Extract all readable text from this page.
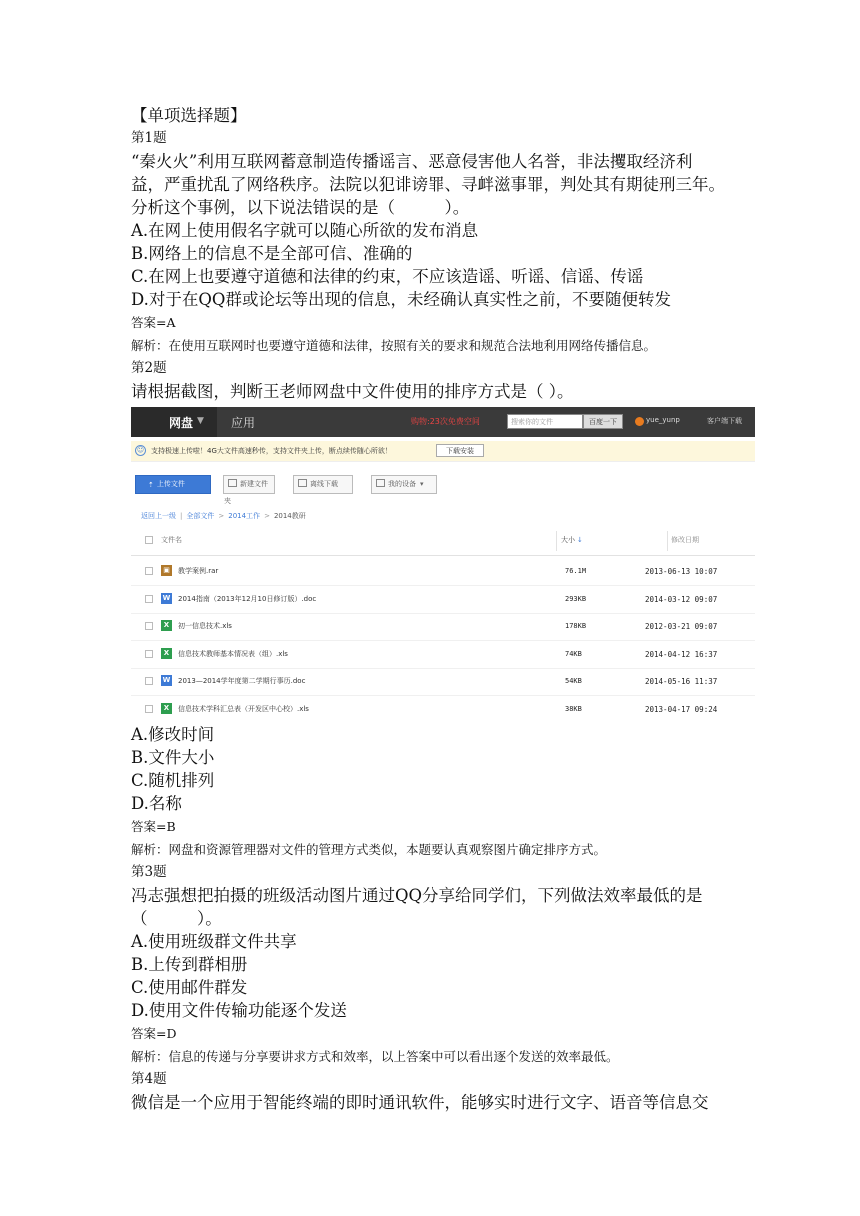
【单项选择题】

第1题

“秦火火”利用互联网蓄意制造传播谣言、恶意侵害他人名誉，非法攫取经济利

益，严重扰乱了网络秩序。法院以犯诽谤罪、寻衅滋事罪，判处其有期徒刑三年。

分析这个事例，以下说法错误的是（　　　）。

A.在网上使用假名字就可以随心所欲的发布消息

B.网络上的信息不是全部可信、准确的

C.在网上也要遵守道德和法律的约束，不应该造谣、听谣、信谣、传谣

D.对于在QQ群或论坛等出现的信息，未经确认真实性之前，不要随便转发

答案=A

解析：在使用互联网时也要遵守道德和法律，按照有关的要求和规范合法地利用网络传播信息。

第2题

请根据截图，判断王老师网盘中文件使用的排序方式是（ ）。

网盘 ▼ 应用	购物:23次免费空间	搜索你的文件	百度一下	yue_yunp	客户端下载
☺ 支持极速上传啦！4G大文件高速秒传，支持文件夹上传，断点续传随心所欲！	下载安装
⇡ 上传文件	新建文件夹
离线下载	我的设备 ▾
返回上一级 | 全部文件 > 2014工作 > 2014教研
文件名	大小 ↓	修改日期
▣	教学案例.rar	76.1M	2013-06-13 10:07
W 2014指南（2013年12月10日修订版）.doc	293KB	2014-03-12 09:07
X	初一信息技术.xls	178KB	2012-03-21 09:07
X	信息技术教师基本情况表（组）.xls	74KB	2014-04-12 16:37
W 2013—2014学年度第二学期行事历.doc	54KB	2014-05-16 11:37
X	信息技术学科汇总表（开发区中心校）.xls	38KB	2013-04-17 09:24

A.修改时间

B.文件大小

C.随机排列

D.名称

答案=B

解析：网盘和资源管理器对文件的管理方式类似，本题要认真观察图片确定排序方式。

第3题

冯志强想把拍摄的班级活动图片通过QQ分享给同学们，下列做法效率最低的是

（　　　）。

A.使用班级群文件共享

B.上传到群相册

C.使用邮件群发

D.使用文件传输功能逐个发送

答案=D

解析：信息的传递与分享要讲求方式和效率，以上答案中可以看出逐个发送的效率最低。

第4题

微信是一个应用于智能终端的即时通讯软件，能够实时进行文字、语音等信息交
